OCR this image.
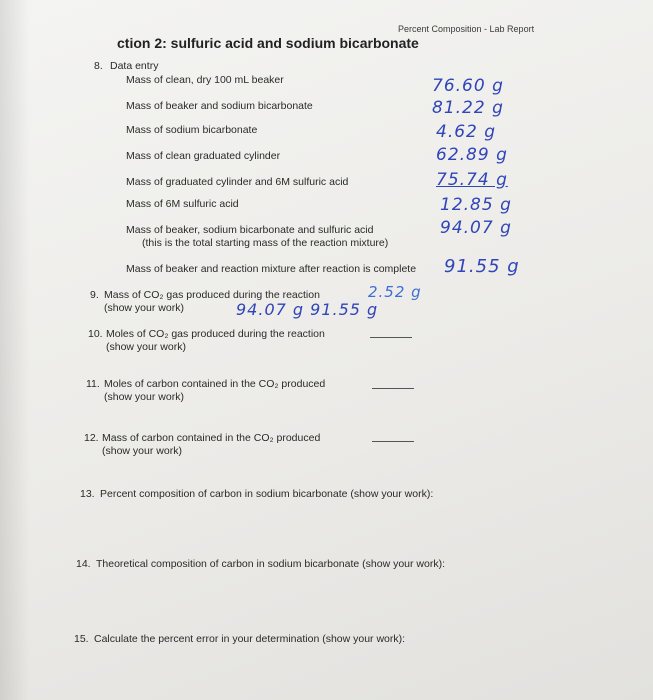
Percent Composition - Lab Report
ction 2: sulfuric acid and sodium bicarbonate
8. Data entry
Mass of clean, dry 100 mL beaker	76.60 g
Mass of beaker and sodium bicarbonate	81.22 g
Mass of sodium bicarbonate	4.62 g
Mass of clean graduated cylinder	62.89 g
Mass of graduated cylinder and 6M sulfuric acid	75.74 g
Mass of 6M sulfuric acid	12.85 g
Mass of beaker, sodium bicarbonate and sulfuric acid
(this is the total starting mass of the reaction mixture)
94.07 g
Mass of beaker and reaction mixture after reaction is complete 91.55 g
9. Mass of CO₂ gas produced during the reaction
(show your work)
2.52 g
94.07 g 91.55 g
10. Moles of CO₂ gas produced during the reaction
(show your work)
11. Moles of carbon contained in the CO₂ produced
(show your work)
12. Mass of carbon contained in the CO₂ produced
(show your work)
13. Percent composition of carbon in sodium bicarbonate (show your work):
14. Theoretical composition of carbon in sodium bicarbonate (show your work):
15. Calculate the percent error in your determination (show your work):
